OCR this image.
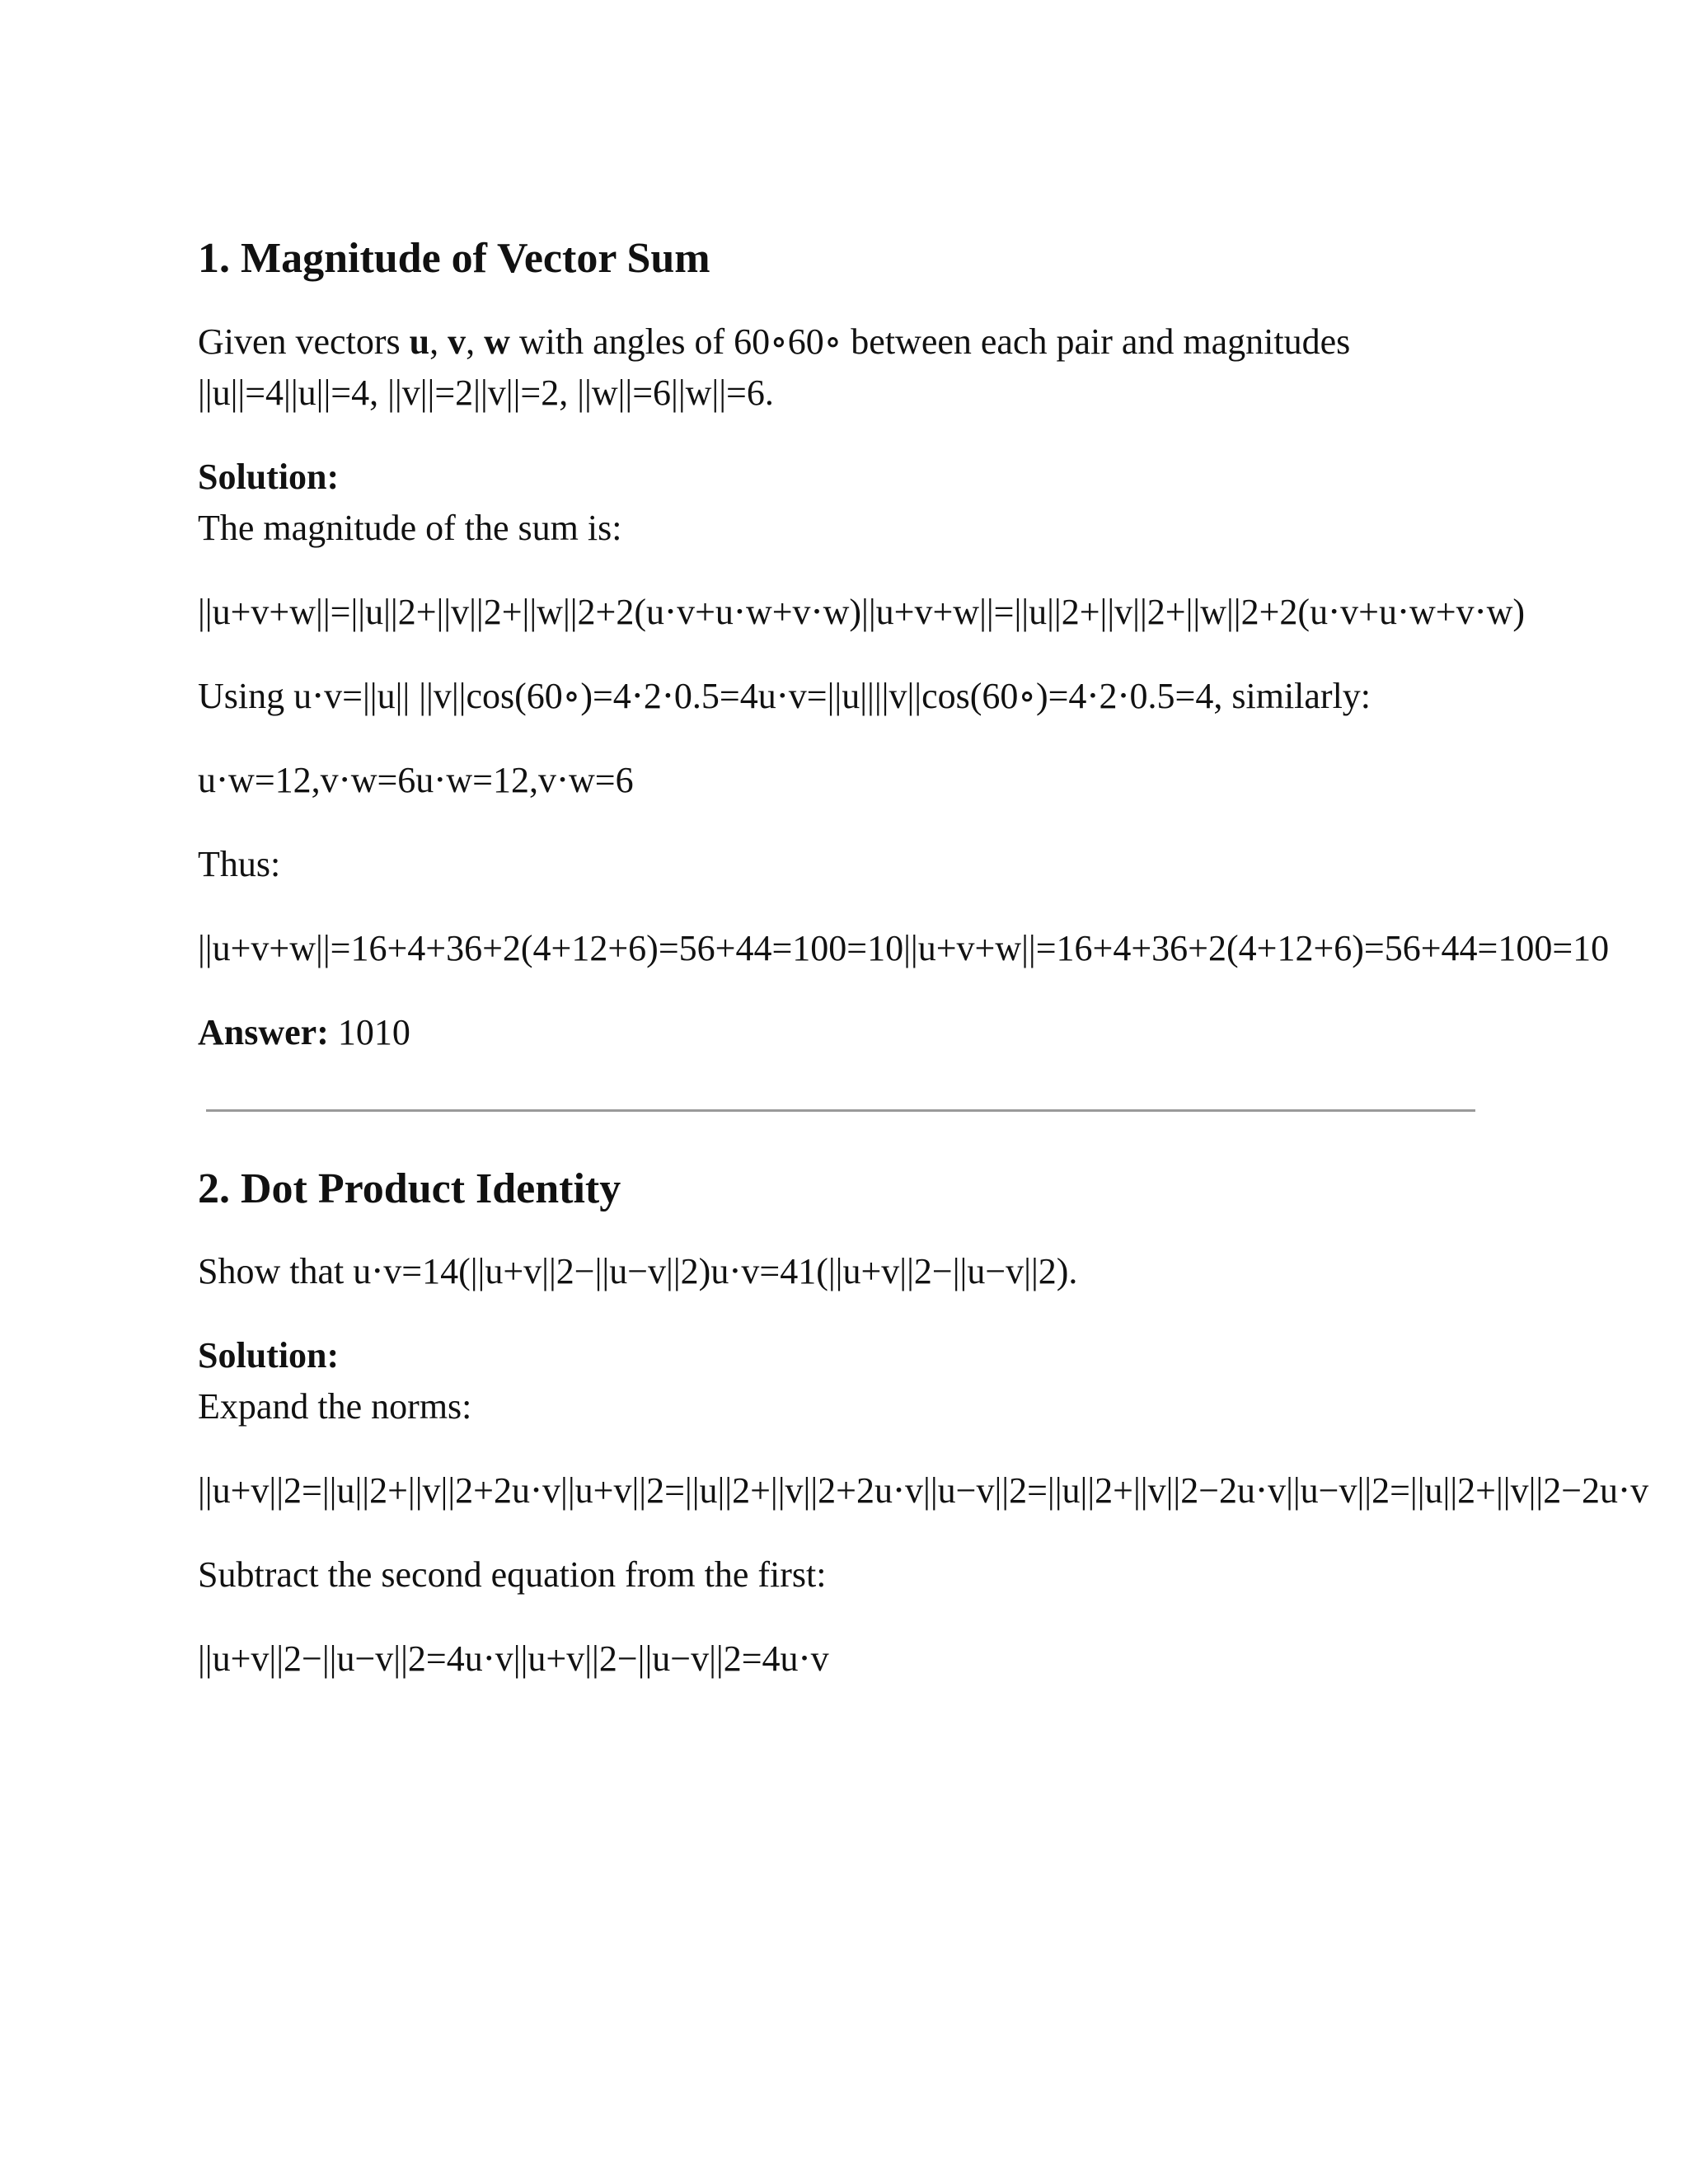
1. Magnitude of Vector Sum

Given vectors u, v, w with angles of 60∘60∘ between each pair and magnitudes ||u||=4||u||=4, ||v||=2||v||=2, ||w||=6||w||=6.

Solution:

The magnitude of the sum is:

||u+v+w||=||u||2+||v||2+||w||2+2(u⋅v+u⋅w+v⋅w)||u+v+w||=||u||2+||v||2+||w||2+2(u⋅v+u⋅w+v⋅w)

Using u⋅v=||u|| ||v||cos(60∘)=4⋅2⋅0.5=4u⋅v=||u||||v||cos(60∘)=4⋅2⋅0.5=4, similarly:

u⋅w=12,v⋅w=6u⋅w=12,v⋅w=6

Thus:

||u+v+w||=16+4+36+2(4+12+6)=56+44=100=10||u+v+w||=16+4+36+2(4+12+6)=56+44=100=10

Answer: 1010

2. Dot Product Identity

Show that u⋅v=14(||u+v||2−||u−v||2)u⋅v=41(||u+v||2−||u−v||2).

Solution:

Expand the norms:

||u+v||2=||u||2+||v||2+2u⋅v||u+v||2=||u||2+||v||2+2u⋅v||u−v||2=||u||2+||v||2−2u⋅v||u−v||2=||u||2+||v||2−2u⋅v

Subtract the second equation from the first:

||u+v||2−||u−v||2=4u⋅v||u+v||2−||u−v||2=4u⋅v
